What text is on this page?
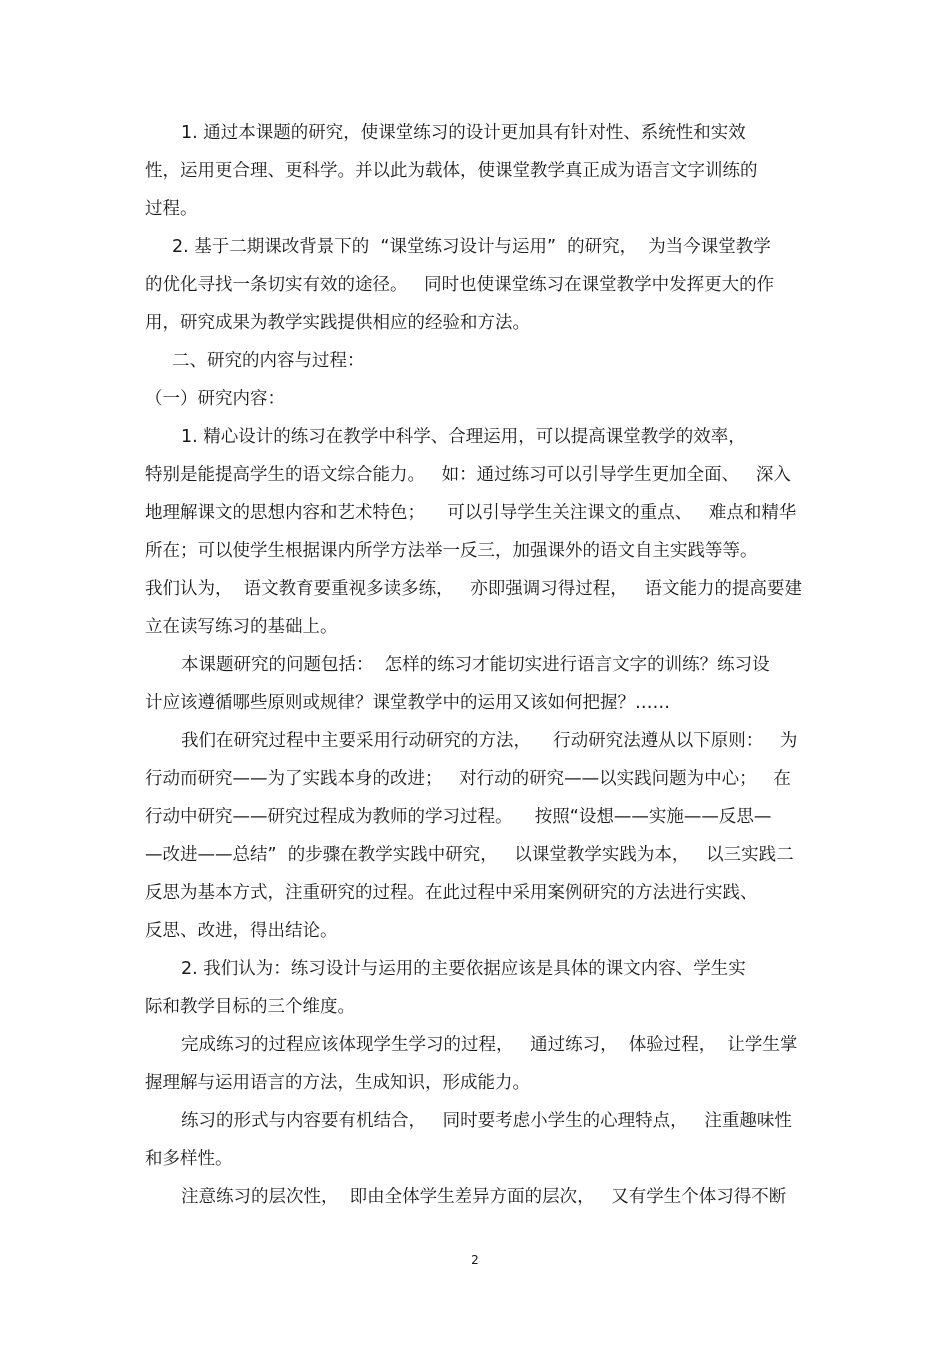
1. 通过本课题的研究，使课堂练习的设计更加具有针对性、系统性和实效
性，运用更合理、更科学。并以此为载体，使课堂教学真正成为语言文字训练的
过程。
2. 基于二期课改背景下的  “课堂练习设计与运用”  的研究，  为当今课堂教学
的优化寻找一条切实有效的途径。   同时也使课堂练习在课堂教学中发挥更大的作
用，研究成果为教学实践提供相应的经验和方法。
二、研究的内容与过程：
（一）研究内容：
1. 精心设计的练习在教学中科学、合理运用，可以提高课堂教学的效率，
特别是能提高学生的语文综合能力。   如：通过练习可以引导学生更加全面、   深入
地理解课文的思想内容和艺术特色；    可以引导学生关注课文的重点、   难点和精华
所在；可以使学生根据课内所学方法举一反三，加强课外的语文自主实践等等。
我们认为，  语文教育要重视多读多练，   亦即强调习得过程，   语文能力的提高要建
立在读写练习的基础上。
本课题研究的问题包括：  怎样的练习才能切实进行语言文字的训练？练习设
计应该遵循哪些原则或规律？课堂教学中的运用又该如何把握？……
我们在研究过程中主要采用行动研究的方法，    行动研究法遵从以下原则：   为
行动而研究——为了实践本身的改进；   对行动的研究——以实践问题为中心；   在
行动中研究——研究过程成为教师的学习过程。    按照“设想——实施——反思—
—改进——总结”  的步骤在教学实践中研究，   以课堂教学实践为本，   以三实践二
反思为基本方式，注重研究的过程。在此过程中采用案例研究的方法进行实践、
反思、改进，得出结论。
2. 我们认为：练习设计与运用的主要依据应该是具体的课文内容、学生实
际和教学目标的三个维度。
完成练习的过程应该体现学生学习的过程，   通过练习，  体验过程，  让学生掌
握理解与运用语言的方法，生成知识，形成能力。
练习的形式与内容要有机结合，   同时要考虑小学生的心理特点，   注重趣味性
和多样性。
注意练习的层次性，  即由全体学生差异方面的层次，   又有学生个体习得不断
2
